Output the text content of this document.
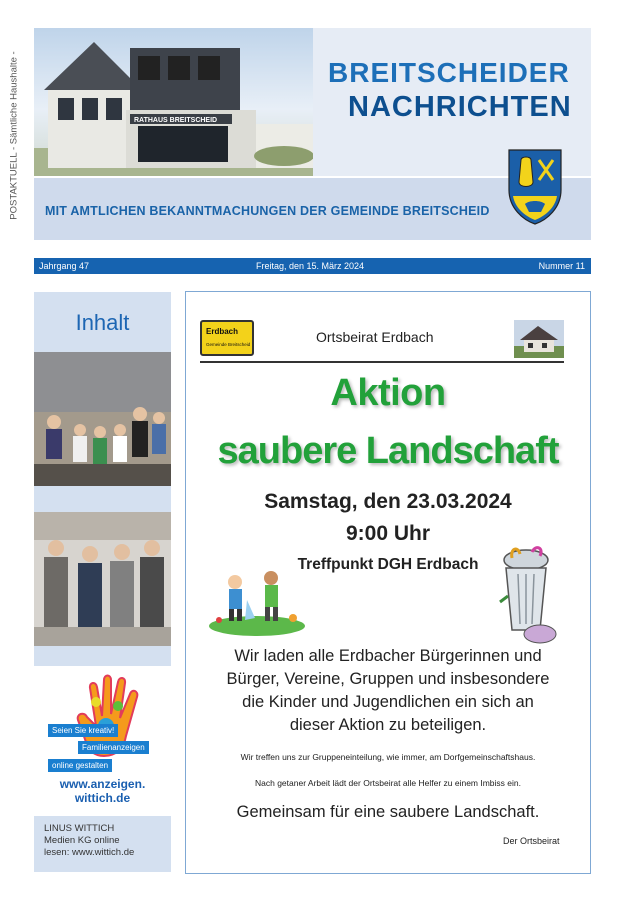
POSTAKTUELL - Sämtliche Haushalte -	RATHAUS BREITSCHEID
BREITSCHEIDER
NACHRICHTEN
MIT AMTLICHEN BEKANNTMACHUNGEN DER GEMEINDE BREITSCHEID
Jahrgang 47	Freitag, den 15. März 2024	Nummer 11
Inhalt
Seien Sie kreativ!
Familienanzeigen
online gestalten
www.anzeigen.
wittich.de
LINUS WITTICH
Medien KG online
lesen: www.wittich.de
Erdbach
Gemeinde Breitscheid	Ortsbeirat Erdbach
Aktion
saubere Landschaft
Samstag, den 23.03.2024
9:00 Uhr
Treffpunkt DGH Erdbach
Wir laden alle Erdbacher Bürgerinnen und
Bürger, Vereine, Gruppen und insbesondere
die Kinder und Jugendlichen ein sich an
dieser Aktion zu beteiligen.
Wir treffen uns zur Gruppeneinteilung, wie immer, am Dorfgemeinschaftshaus.
Nach getaner Arbeit lädt der Ortsbeirat alle Helfer zu einem Imbiss ein.
Gemeinsam für eine saubere Landschaft.
Der Ortsbeirat
